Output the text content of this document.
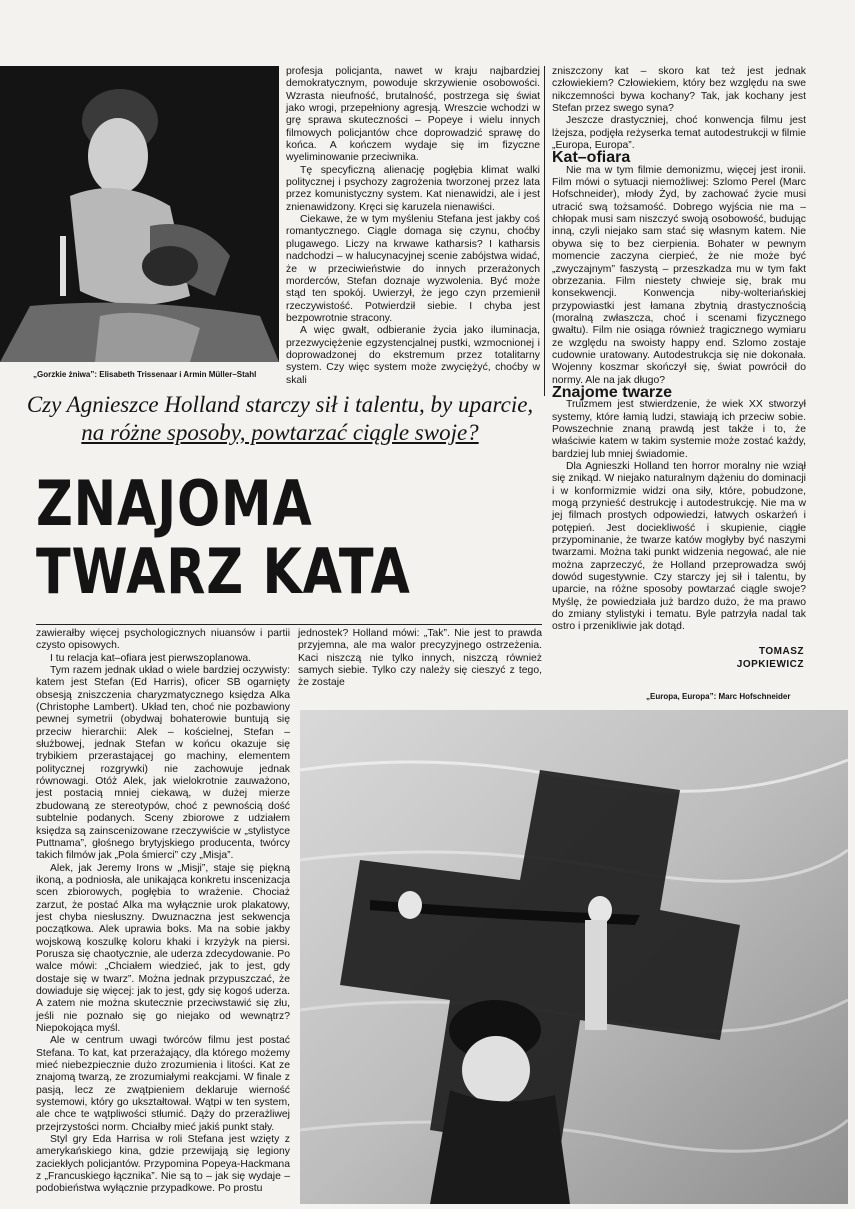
„Gorzkie żniwa”: Elisabeth Trissenaar i Armin Müller–Stahl

profesja policjanta, nawet w kraju najbardziej demokratycznym, powoduje skrzywienie osobowości. Wzrasta nieufność, brutalność, postrzega się świat jako wrogi, przepełniony agresją. Wreszcie wchodzi w grę sprawa skuteczności – Popeye i wielu innych filmowych policjantów chce doprowadzić sprawę do końca. A kończem wydaje się im fizyczne wyeliminowanie przeciwnika.

Tę specyficzną alienację pogłębia klimat walki politycznej i psychozy zagrożenia tworzonej przez lata przez komunistyczny system. Kat nienawidzi, ale i jest znienawidzony. Kręci się karuzela nienawiści.

Ciekawe, że w tym myśleniu Stefana jest jakby coś romantycznego. Ciągle domaga się czynu, choćby plugawego. Liczy na krwawe katharsis? I katharsis nadchodzi – w halucynacyjnej scenie zabójstwa widać, że w przeciwieństwie do innych przerażonych morderców, Stefan doznaje wyzwolenia. Być może stąd ten spokój. Uwierzył, że jego czyn przemienił rzeczywistość. Potwierdził siebie. I chyba jest bezpowrotnie stracony.

A więc gwałt, odbieranie życia jako iluminacja, przezwyciężenie egzystencjalnej pustki, wzmocnionej i doprowadzonej do ekstremum przez totalitarny system. Czy więc system może zwyciężyć, choćby w skali

zniszczony kat – skoro kat też jest jednak człowiekiem? Człowiekiem, który bez względu na swe nikczemności bywa kochany? Tak, jak kochany jest Stefan przez swego syna?

Jeszcze drastyczniej, choć konwencja filmu jest lżejsza, podjęła reżyserka temat autodestrukcji w filmie „Europa, Europa”.

Kat–ofiara

Nie ma w tym filmie demonizmu, więcej jest ironii. Film mówi o sytuacji niemożliwej: Szlomo Perel (Marc Hofschneider), młody Żyd, by zachować życie musi utracić swą tożsamość. Dobrego wyjścia nie ma – chłopak musi sam niszczyć swoją osobowość, budując inną, czyli niejako sam stać się własnym katem. Nie obywa się to bez cierpienia. Bohater w pewnym momencie zaczyna cierpieć, że nie może być „zwyczajnym” faszystą – przeszkadza mu w tym fakt obrzezania. Film niestety chwieje się, brak mu konsekwencji. Konwencja niby-wolteriańskiej przypowiastki jest łamana zbytnią drastycznością (moralną zwłaszcza, choć i scenami fizycznego gwałtu). Film nie osiąga również tragicznego wymiaru ze względu na swoisty happy end. Szlomo zostaje cudownie uratowany. Autodestrukcja się nie dokonała. Wojenny koszmar skończył się, świat powrócił do normy. Ale na jak długo?

Znajome twarze

Truizmem jest stwierdzenie, że wiek XX stworzył systemy, które łamią ludzi, stawiają ich przeciw sobie. Powszechnie znaną prawdą jest także i to, że właściwie katem w takim systemie może zostać każdy, bardziej lub mniej świadomie.

Dla Agnieszki Holland ten horror moralny nie wziął się znikąd. W niejako naturalnym dążeniu do dominacji i w konformizmie widzi ona siły, które, pobudzone, mogą przynieść destrukcję i autodestrukcję. Nie ma w jej filmach prostych odpowiedzi, łatwych oskarżeń i potępień. Jest dociekliwość i skupienie, ciągłe przypominanie, że twarze katów mogłyby być naszymi twarzami. Można taki punkt widzenia negować, ale nie można zaprzeczyć, że Holland przeprowadza swój dowód sugestywnie. Czy starczy jej sił i talentu, by uparcie, na różne sposoby powtarzać ciągle swoje? Myślę, że powiedziała już bardzo dużo, że ma prawo do zmiany stylistyki i tematu. Byle patrzyła nadal tak ostro i przenikliwie jak dotąd.

TOMASZ
JOPKIEWICZ
Czy Agnieszce Holland starczy sił i talentu, by uparcie,
na różne sposoby, powtarzać ciągle swoje?
ZNAJOMA
TWARZ KATA

jednostek? Holland mówi: „Tak”. Nie jest to prawda przyjemna, ale ma walor precyzyjnego ostrzeżenia. Kaci niszczą nie tylko innych, niszczą również samych siebie. Tylko czy należy się cieszyć z tego, że zostaje

zawierałby więcej psychologicznych niuansów i partii czysto opisowych.

I tu relacja kat–ofiara jest pierwszoplanowa.

Tym razem jednak układ o wiele bardziej oczywisty: katem jest Stefan (Ed Harris), oficer SB ogarnięty obsesją zniszczenia charyzmatycznego księdza Alka (Christophe Lambert). Układ ten, choć nie pozbawiony pewnej symetrii (obydwaj bohaterowie buntują się przeciw hierarchii: Alek – kościelnej, Stefan – służbowej, jednak Stefan w końcu okazuje się trybikiem przerastającej go machiny, elementem politycznej rozgrywki) nie zachowuje jednak równowagi. Otóż Alek, jak wielokrotnie zauważono, jest postacią mniej ciekawą, w dużej mierze zbudowaną ze stereotypów, choć z pewnością dość subtelnie podanych. Sceny zbiorowe z udziałem księdza są zainscenizowane rzeczywiście w „stylistyce Puttnama”, głośnego brytyjskiego producenta, twórcy takich filmów jak „Pola śmierci” czy „Misja”.

Alek, jak Jeremy Irons w „Misji”, staje się piękną ikoną, a podniosła, ale unikająca konkretu inscenizacja scen zbiorowych, pogłębia to wrażenie. Chociaż zarzut, że postać Alka ma wyłącznie urok plakatowy, jest chyba niesłuszny. Dwuznaczna jest sekwencja początkowa. Alek uprawia boks. Ma na sobie jakby wojskową koszulkę koloru khaki i krzyżyk na piersi. Porusza się chaotycznie, ale uderza zdecydowanie. Po walce mówi: „Chciałem wiedzieć, jak to jest, gdy dostaje się w twarz”. Można jednak przypuszczać, że dowiaduje się więcej: jak to jest, gdy się kogoś uderza. A zatem nie można skutecznie przeciwstawić się złu, jeśli nie poznało się go niejako od wewnątrz? Niepokojąca myśl.

Ale w centrum uwagi twórców filmu jest postać Stefana. To kat, kat przerażający, dla którego możemy mieć niebezpiecznie dużo zrozumienia i litości. Kat ze znajomą twarzą, ze zrozumiałymi reakcjami. W finale z pasją, lecz ze zwątpieniem deklaruje wierność systemowi, który go ukształtował. Wątpi w ten system, ale chce te wątpliwości stłumić. Dąży do przerażliwej przejrzystości norm. Chciałby mieć jakiś punkt stały.

Styl gry Eda Harrisa w roli Stefana jest wzięty z amerykańskiego kina, gdzie przewijają się legiony zaciekłych policjantów. Przypomina Popeya-Hackmana z „Francuskiego łącznika”. Nie są to – jak się wydaje – podobieństwa wyłącznie przypadkowe. Po prostu

„Europa, Europa”: Marc Hofschneider
